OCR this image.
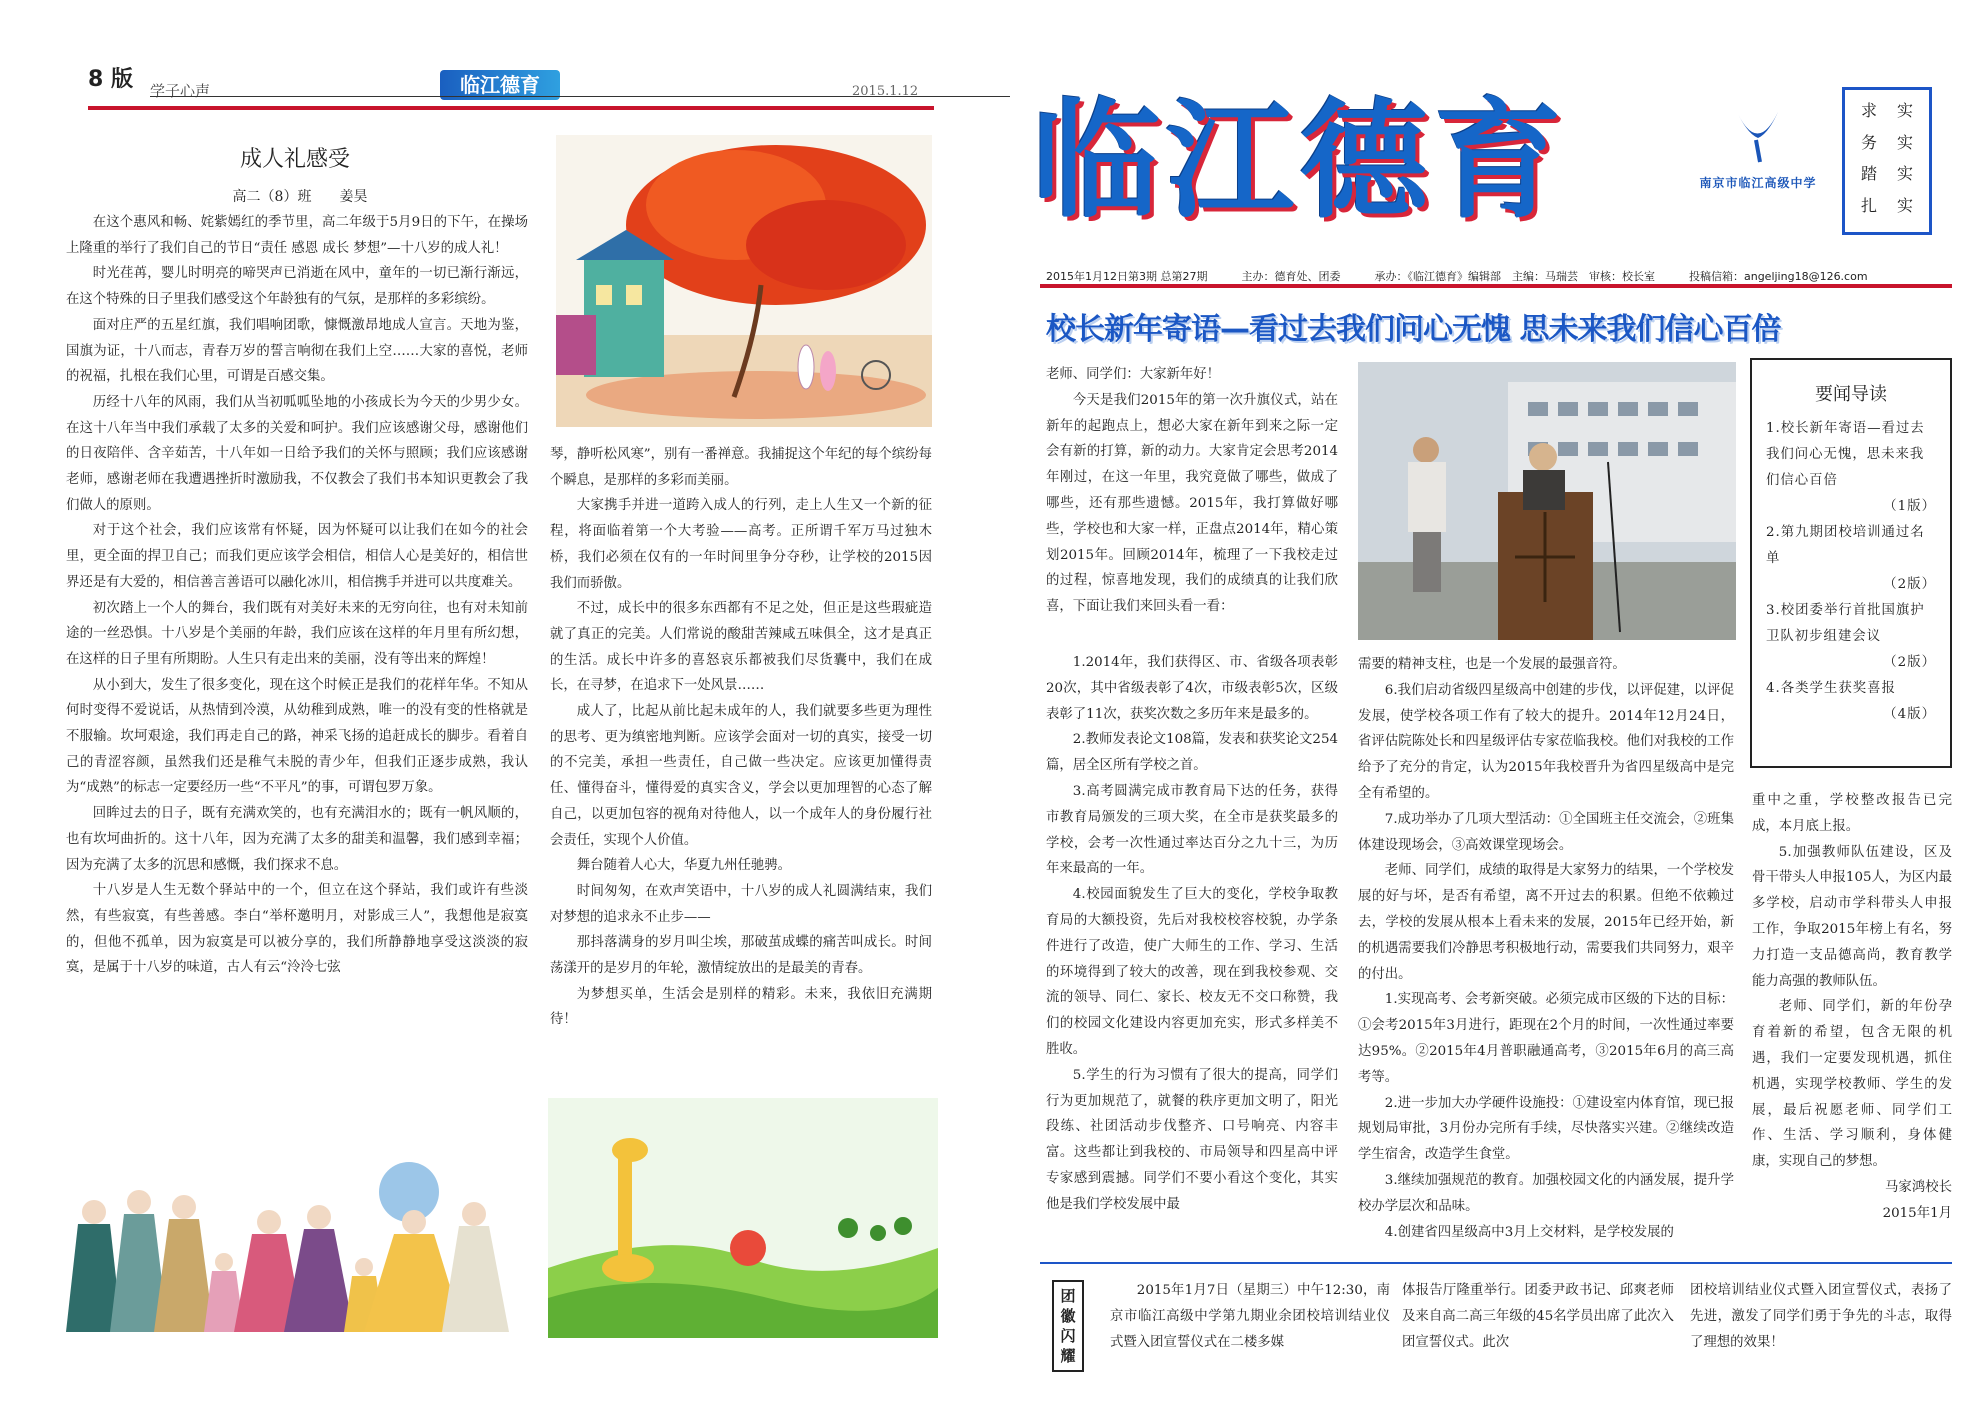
8 版 学子心声	临江德育	2015.1.12
成人礼感受
高二（8）班　　姜昊

在这个惠风和畅、姹紫嫣红的季节里，高二年级于5月9日的下午，在操场上隆重的举行了我们自己的节日“责任 感恩 成长 梦想”—十八岁的成人礼！

时光荏苒，婴儿时明亮的啼哭声已消逝在风中，童年的一切已渐行渐远，在这个特殊的日子里我们感受这个年龄独有的气氛，是那样的多彩缤纷。

面对庄严的五星红旗，我们唱响团歌，慷慨激昂地成人宣言。天地为鉴，国旗为证，十八而志，青春万岁的誓言响彻在我们上空……大家的喜悦，老师的祝福，扎根在我们心里，可谓是百感交集。

历经十八年的风雨，我们从当初呱呱坠地的小孩成长为今天的少男少女。在这十八年当中我们承载了太多的关爱和呵护。我们应该感谢父母，感谢他们的日夜陪伴、含辛茹苦，十八年如一日给予我们的关怀与照顾；我们应该感谢老师，感谢老师在我遭遇挫折时激励我，不仅教会了我们书本知识更教会了我们做人的原则。

对于这个社会，我们应该常有怀疑，因为怀疑可以让我们在如今的社会里，更全面的捍卫自己；而我们更应该学会相信，相信人心是美好的，相信世界还是有大爱的，相信善言善语可以融化冰川，相信携手并进可以共度难关。

初次踏上一个人的舞台，我们既有对美好未来的无穷向往，也有对未知前途的一丝恐惧。十八岁是个美丽的年龄，我们应该在这样的年月里有所幻想，在这样的日子里有所期盼。人生只有走出来的美丽，没有等出来的辉煌！

从小到大，发生了很多变化，现在这个时候正是我们的花样年华。不知从何时变得不爱说话，从热情到冷漠，从幼稚到成熟，唯一的没有变的性格就是不服输。坎坷艰途，我们再走自己的路，神采飞扬的追赶成长的脚步。看着自己的青涩容颜，虽然我们还是稚气未脱的青少年，但我们正逐步成熟，我认为“成熟”的标志一定要经历一些“不平凡”的事，可谓包罗万象。

回眸过去的日子，既有充满欢笑的，也有充满泪水的；既有一帆风顺的，也有坎坷曲折的。这十八年，因为充满了太多的甜美和温馨，我们感到幸福；因为充满了太多的沉思和感慨，我们探求不息。

十八岁是人生无数个驿站中的一个，但立在这个驿站，我们或许有些淡然，有些寂寞，有些善感。李白“举杯邀明月，对影成三人”，我想他是寂寞的，但他不孤单，因为寂寞是可以被分享的，我们所静静地享受这淡淡的寂寞，是属于十八岁的味道，古人有云“泠泠七弦

琴，静听松风寒”，别有一番禅意。我捕捉这个年纪的每个缤纷每个瞬息，是那样的多彩而美丽。

大家携手并进一道跨入成人的行列，走上人生又一个新的征程，将面临着第一个大考验——高考。正所谓千军万马过独木桥，我们必须在仅有的一年时间里争分夺秒，让学校的2015因我们而骄傲。

不过，成长中的很多东西都有不足之处，但正是这些瑕疵造就了真正的完美。人们常说的酸甜苦辣咸五味俱全，这才是真正的生活。成长中许多的喜怒哀乐都被我们尽货囊中，我们在成长，在寻梦，在追求下一处风景……

成人了，比起从前比起未成年的人，我们就要多些更为理性的思考、更为缜密地判断。应该学会面对一切的真实，接受一切的不完美，承担一些责任，自己做一些决定。应该更加懂得责任、懂得奋斗，懂得爱的真实含义，学会以更加理智的心态了解自己，以更加包容的视角对待他人，以一个成年人的身份履行社会责任，实现个人价值。

舞台随着人心大，华夏九州任驰骋。

时间匆匆，在欢声笑语中，十八岁的成人礼圆满结束，我们对梦想的追求永不止步——

那抖落满身的岁月叫尘埃，那破茧成蝶的痛苦叫成长。时间荡漾开的是岁月的年轮，激情绽放出的是最美的青春。

为梦想买单，生活会是别样的精彩。未来，我依旧充满期待！

临江德育	南京市临江高级中学
求	实
务	实
踏	实
扎	实
2015年1月12日第3期 总第27期	主办：德育处、团委	承办：《临江德育》编辑部　主编：马瑞芸　审核：校长室	投稿信箱：angeljing18@126.com
校长新年寄语—看过去我们问心无愧 思未来我们信心百倍

老师、同学们：大家新年好！

今天是我们2015年的第一次升旗仪式，站在新年的起跑点上，想必大家在新年到来之际一定会有新的打算，新的动力。大家肯定会思考2014年刚过，在这一年里，我究竟做了哪些，做成了哪些，还有那些遗憾。2015年，我打算做好哪些，学校也和大家一样，正盘点2014年，精心策划2015年。回顾2014年，梳理了一下我校走过的过程，惊喜地发现，我们的成绩真的让我们欣喜，下面让我们来回头看一看：

1.2014年，我们获得区、市、省级各项表彰20次，其中省级表彰了4次，市级表彰5次，区级表彰了11次，获奖次数之多历年来是最多的。

2.教师发表论文108篇，发表和获奖论文254篇，居全区所有学校之首。

3.高考圆满完成市教育局下达的任务，获得市教育局颁发的三项大奖，在全市是获奖最多的学校，会考一次性通过率达百分之九十三，为历年来最高的一年。

4.校园面貌发生了巨大的变化，学校争取教育局的大额投资，先后对我校校容校貌，办学条件进行了改造，使广大师生的工作、学习、生活的环境得到了较大的改善，现在到我校参观、交流的领导、同仁、家长、校友无不交口称赞，我们的校园文化建设内容更加充实，形式多样美不胜收。

5.学生的行为习惯有了很大的提高，同学们行为更加规范了，就餐的秩序更加文明了，阳光段练、社团活动步伐整齐、口号响亮、内容丰富。这些都让到我校的、市局领导和四星高中评专家感到震撼。同学们不要小看这个变化，其实他是我们学校发展中最

需要的精神支柱，也是一个发展的最强音符。

6.我们启动省级四星级高中创建的步伐，以评促建，以评促发展，使学校各项工作有了较大的提升。2014年12月24日，省评估院陈处长和四星级评估专家莅临我校。他们对我校的工作给予了充分的肯定，认为2015年我校晋升为省四星级高中是完全有希望的。

7.成功举办了几项大型活动：①全国班主任交流会，②班集体建设现场会，③高效课堂现场会。

老师、同学们，成绩的取得是大家努力的结果，一个学校发展的好与坏，是否有希望，离不开过去的积累。但绝不依赖过去，学校的发展从根本上看未来的发展，2015年已经开始，新的机遇需要我们冷静思考积极地行动，需要我们共同努力，艰辛的付出。

1.实现高考、会考新突破。必须完成市区级的下达的目标：①会考2015年3月进行，距现在2个月的时间，一次性通过率要达95%。②2015年4月普职融通高考，③2015年6月的高三高考等。

2.进一步加大办学硬件设施投：①建设室内体育馆，现已报规划局审批，3月份办完所有手续，尽快落实兴建。②继续改造学生宿舍，改造学生食堂。

3.继续加强规范的教育。加强校园文化的内涵发展，提升学校办学层次和品味。

4.创建省四星级高中3月上交材料，是学校发展的

要闻导读
1.校长新年寄语—看过去我们问心无愧，思未来我们信心百倍
（1版）
2.第九期团校培训通过名单
（2版）
3.校团委举行首批国旗护卫队初步组建会议
（2版）
4.各类学生获奖喜报
（4版）

重中之重，学校整改报告已完成，本月底上报。

5.加强教师队伍建设，区及骨干带头人申报105人，为区内最多学校，启动市学科带头人申报工作，争取2015年榜上有名，努力打造一支品德高尚，教育教学能力高强的教师队伍。

老师、同学们，新的年份孕育着新的希望，包含无限的机遇，我们一定要发现机遇，抓住机遇，实现学校教师、学生的发展，最后祝愿老师、同学们工作、生活、学习顺利，身体健康，实现自己的梦想。

马家鸿校长

2015年1月

团徽闪耀
2015年1月7日（星期三）中午12:30，南京市临江高级中学第九期业余团校培训结业仪式暨入团宣誓仪式在二楼多媒
体报告厅隆重举行。团委尹政书记、邱爽老师及来自高二高三年级的45名学员出席了此次入团宣誓仪式。此次
团校培训结业仪式暨入团宣誓仪式，表扬了先进，激发了同学们勇于争先的斗志，取得了理想的效果！
